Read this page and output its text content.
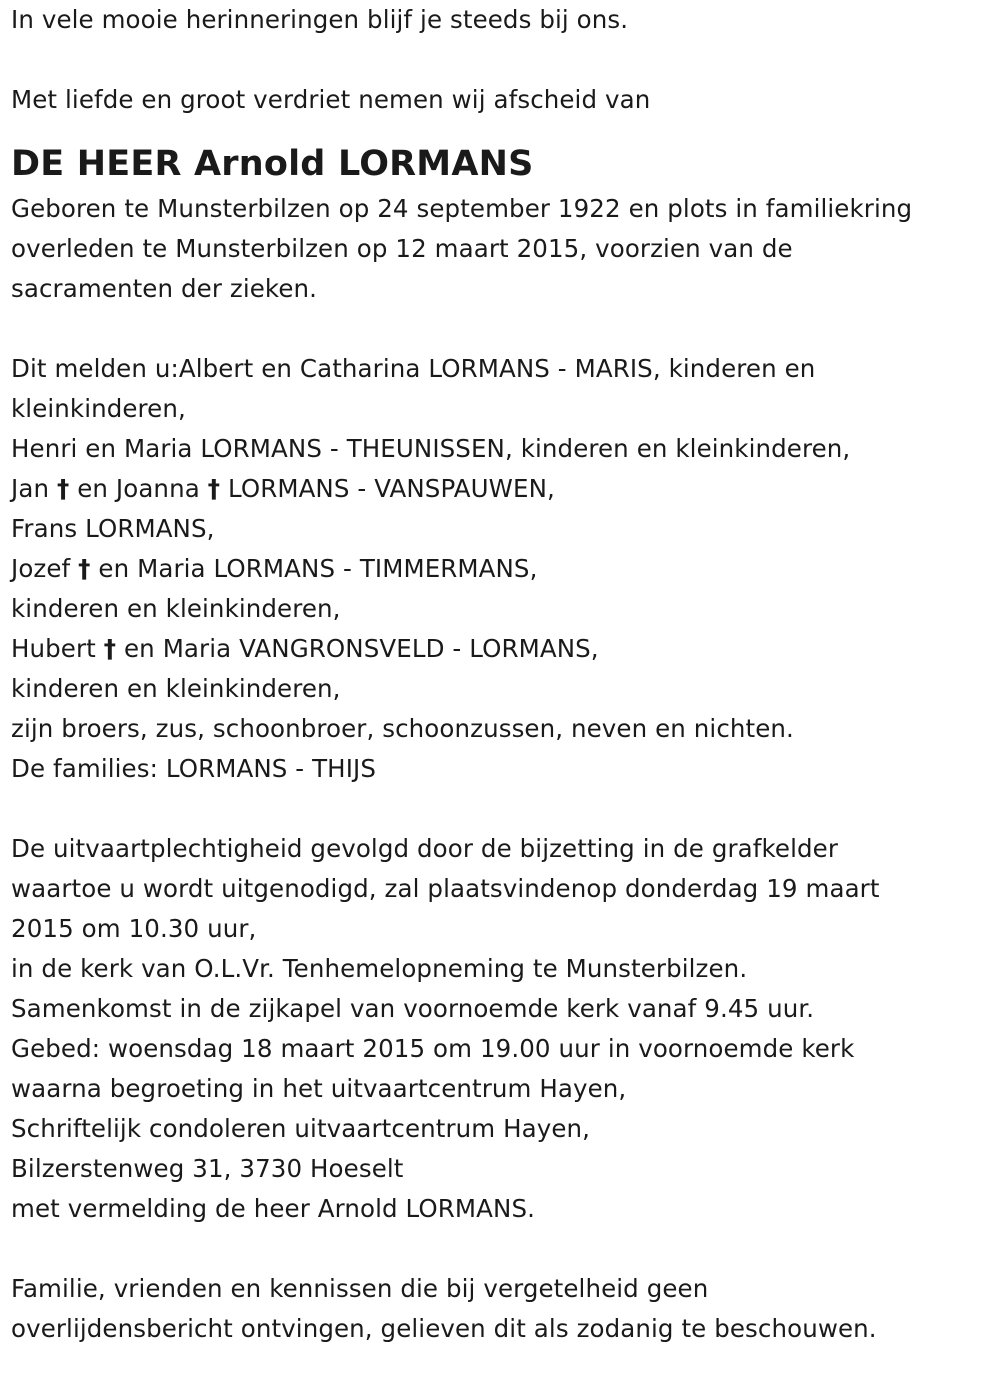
In vele mooie herinneringen blijf je steeds bij ons.
Met liefde en groot verdriet nemen wij afscheid van
DE HEER Arnold LORMANS
Geboren te Munsterbilzen op 24 september 1922 en plots in familiekring
overleden te Munsterbilzen op 12 maart 2015, voorzien van de
sacramenten der zieken.
Dit melden u:Albert en Catharina LORMANS - MARIS, kinderen en
kleinkinderen,
Henri en Maria LORMANS - THEUNISSEN, kinderen en kleinkinderen,
Jan † en Joanna † LORMANS - VANSPAUWEN,
Frans LORMANS,
Jozef † en Maria LORMANS - TIMMERMANS,
kinderen en kleinkinderen,
Hubert † en Maria VANGRONSVELD - LORMANS,
kinderen en kleinkinderen,
zijn broers, zus, schoonbroer, schoonzussen, neven en nichten.
De families: LORMANS - THIJS
De uitvaartplechtigheid gevolgd door de bijzetting in de grafkelder
waartoe u wordt uitgenodigd, zal plaatsvindenop donderdag 19 maart
2015 om 10.30 uur,
in de kerk van O.L.Vr. Tenhemelopneming te Munsterbilzen.
Samenkomst in de zijkapel van voornoemde kerk vanaf 9.45 uur.
Gebed: woensdag 18 maart 2015 om 19.00 uur in voornoemde kerk
waarna begroeting in het uitvaartcentrum Hayen,
Schriftelijk condoleren uitvaartcentrum Hayen,
Bilzerstenweg 31, 3730 Hoeselt
met vermelding de heer Arnold LORMANS.
Familie, vrienden en kennissen die bij vergetelheid geen
overlijdensbericht ontvingen, gelieven dit als zodanig te beschouwen.
